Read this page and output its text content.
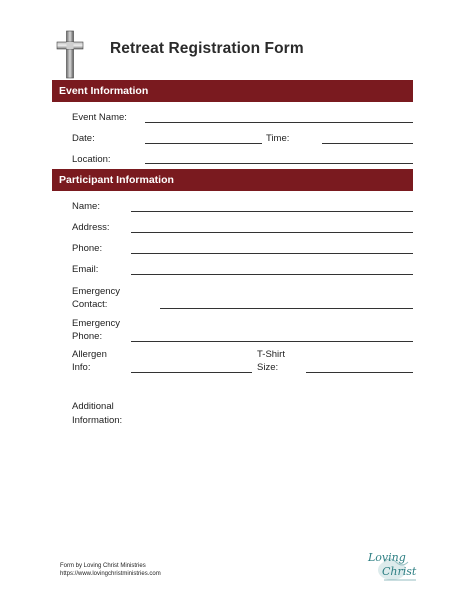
Retreat Registration Form
Event Information
Event Name:
Date:	Time:
Location:
Participant Information
Name:
Address:
Phone:
Email:
Emergency
Contact:
Emergency
Phone:
Allergen
Info:
T-Shirt
Size:
Additional
Information:
Form by Loving Christ Ministries
https://www.lovingchristministries.com
Loving
Christ
